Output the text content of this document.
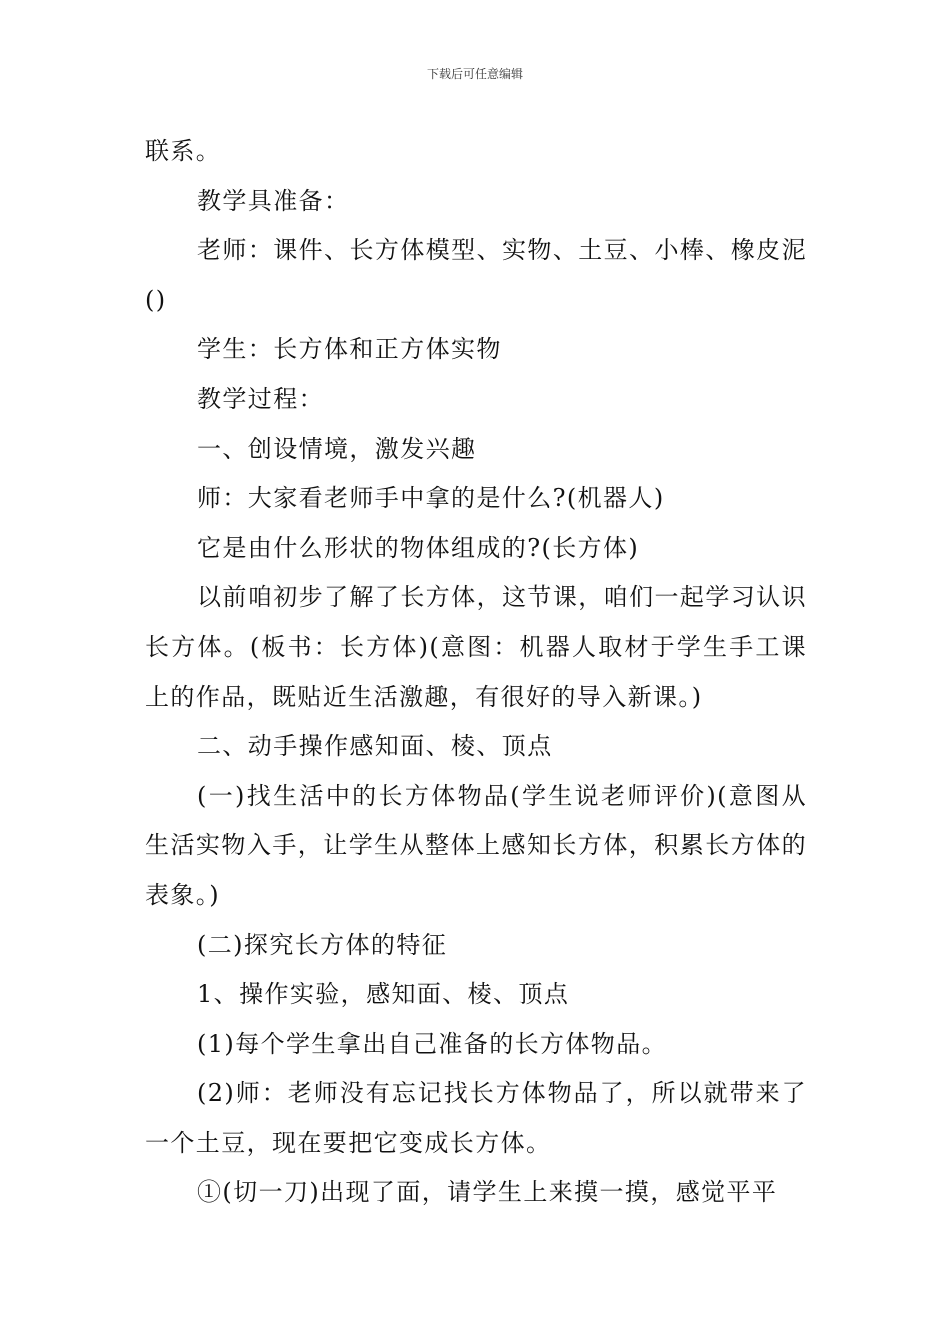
下载后可任意编辑

联系。

教学具准备：

老师：课件、长方体模型、实物、土豆、小棒、橡皮泥()

学生：长方体和正方体实物

教学过程：

一、创设情境，激发兴趣

师：大家看老师手中拿的是什么?(机器人)

它是由什么形状的物体组成的?(长方体)

以前咱初步了解了长方体，这节课，咱们一起学习认识长方体。(板书：长方体)(意图：机器人取材于学生手工课上的作品，既贴近生活激趣，有很好的导入新课。)

二、动手操作感知面、棱、顶点

(一)找生活中的长方体物品(学生说老师评价)(意图从生活实物入手，让学生从整体上感知长方体，积累长方体的表象。)

(二)探究长方体的特征

1、操作实验，感知面、棱、顶点

(1)每个学生拿出自己准备的长方体物品。

(2)师：老师没有忘记找长方体物品了，所以就带来了一个土豆，现在要把它变成长方体。

①(切一刀)出现了面，请学生上来摸一摸，感觉平平
